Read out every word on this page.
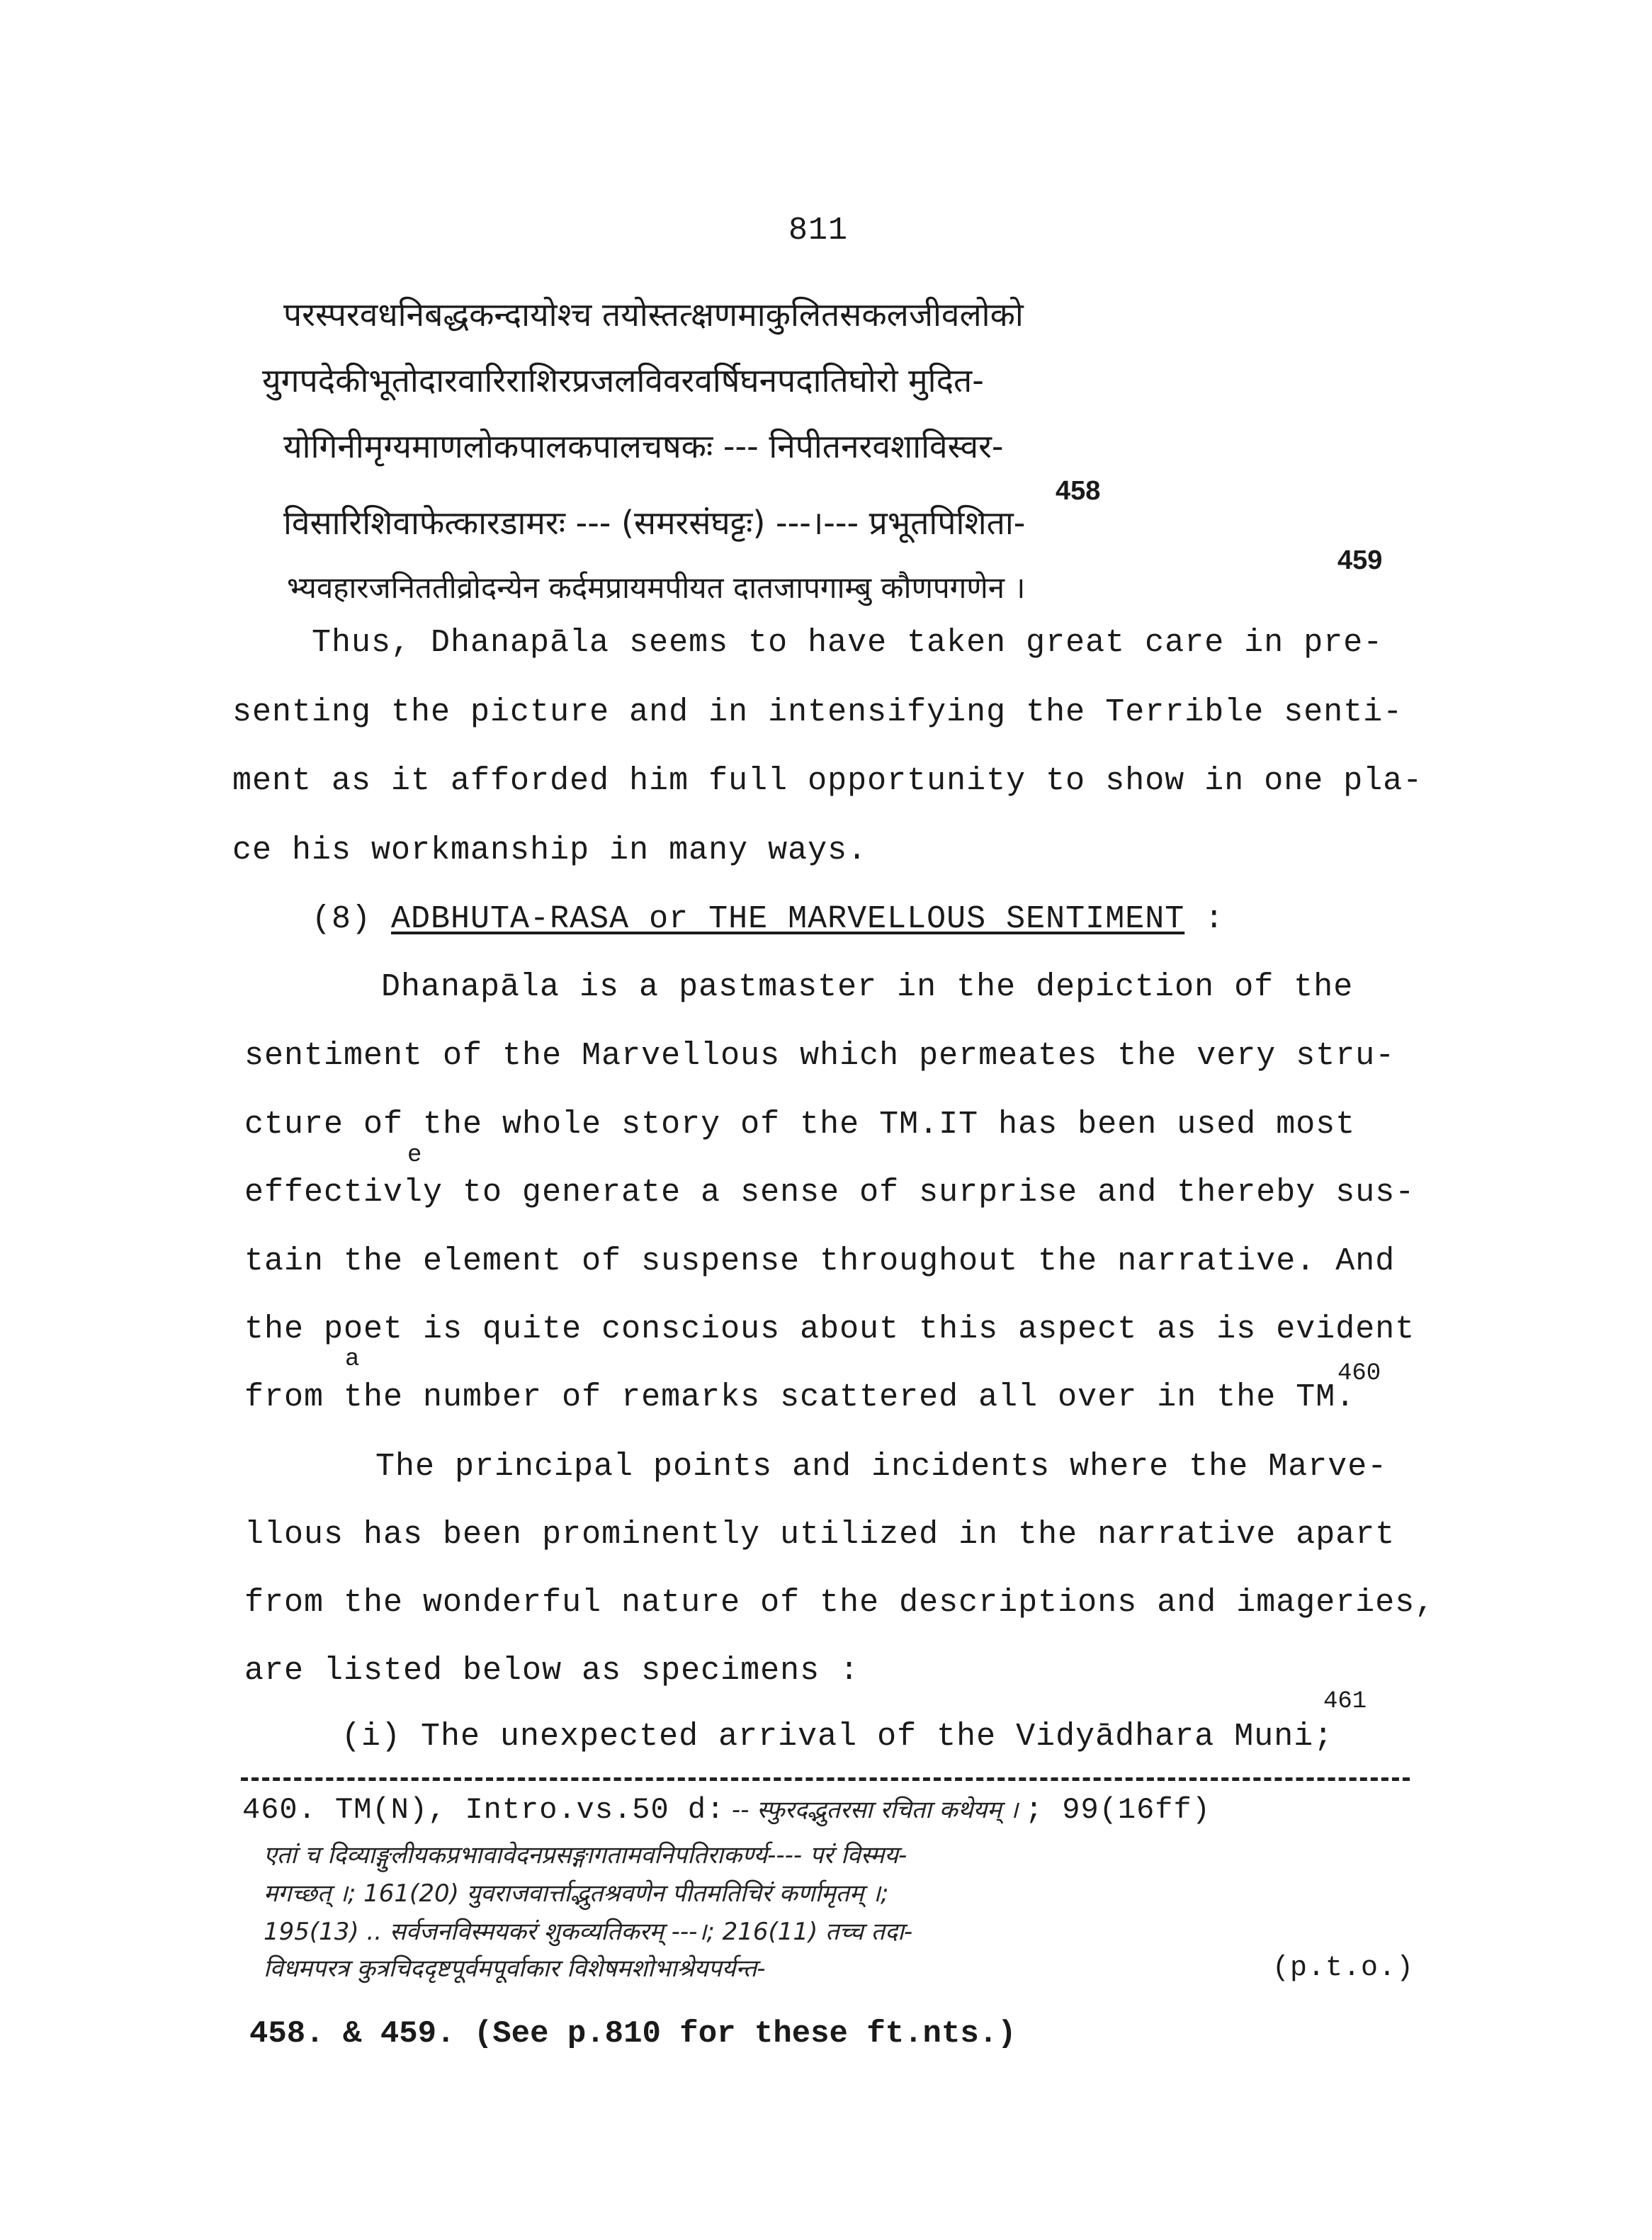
811
परस्परवधनिबद्धकन्दायोश्च तयोस्तत्क्षणमाकुलितसकलजीवलोको
युगपदेकीभूतोदारवारिराशिरप्रजलविवरवर्षिघनपदातिघोरो मुदित-
योगिनीमृग्यमाणलोकपालकपालचषकः --- निपीतनरवशाविस्वर-
458
विसारिशिवाफेत्कारडामरः --- (समरसंघट्टः) ---।--- प्रभूतपिशिता-
459
भ्यवहारजनिततीव्रोदन्येन कर्दमप्रायमपीयत दातजापगाम्बु कौणपगणेन ।
Thus, Dhanapāla seems to have taken great care in pre-
senting the picture and in intensifying the Terrible senti-
ment as it afforded him full opportunity to show in one pla-
ce his workmanship in many ways.
(8) ADBHUTA-RASA or THE MARVELLOUS SENTIMENT :
Dhanapāla is a pastmaster in the depiction of the
sentiment of the Marvellous which permeates the very stru-
cture of the whole story of the TM.IT has been used most
e
effectivly to generate a sense of surprise and thereby sus-
tain the element of suspense throughout the narrative. And
the poet is quite conscious about this aspect as is evident
a
from the number of remarks scattered all over in the TM.
460
The principal points and incidents where the Marve-
llous has been prominently utilized in the narrative apart
from the wonderful nature of the descriptions and imageries,
are listed below as specimens :
461
(i) The unexpected arrival of the Vidyādhara Muni;
460. TM(N), Intro.vs.50 d: -- स्फुरदद्भुतरसा रचिता कथेयम् । ; 99(16ff)
एतां च दिव्याङ्गुलीयकप्रभावावेदनप्रसङ्गागतामवनिपतिराकर्ण्य---- परं विस्मय-
मगच्छत् ।; 161(20) युवराजवार्त्ताद्भुतश्रवणेन पीतमतिचिरं कर्णामृतम् ।;
195(13) .. सर्वजनविस्मयकरं शुकव्यतिकरम् ---।; 216(11) तच्च तदा-
विधमपरत्र कुत्रचिददृष्टपूर्वमपूर्वाकार विशेषमशोभाश्रेयपर्यन्त-	(p.t.o.)
458. & 459. (See p.810 for these ft.nts.)
